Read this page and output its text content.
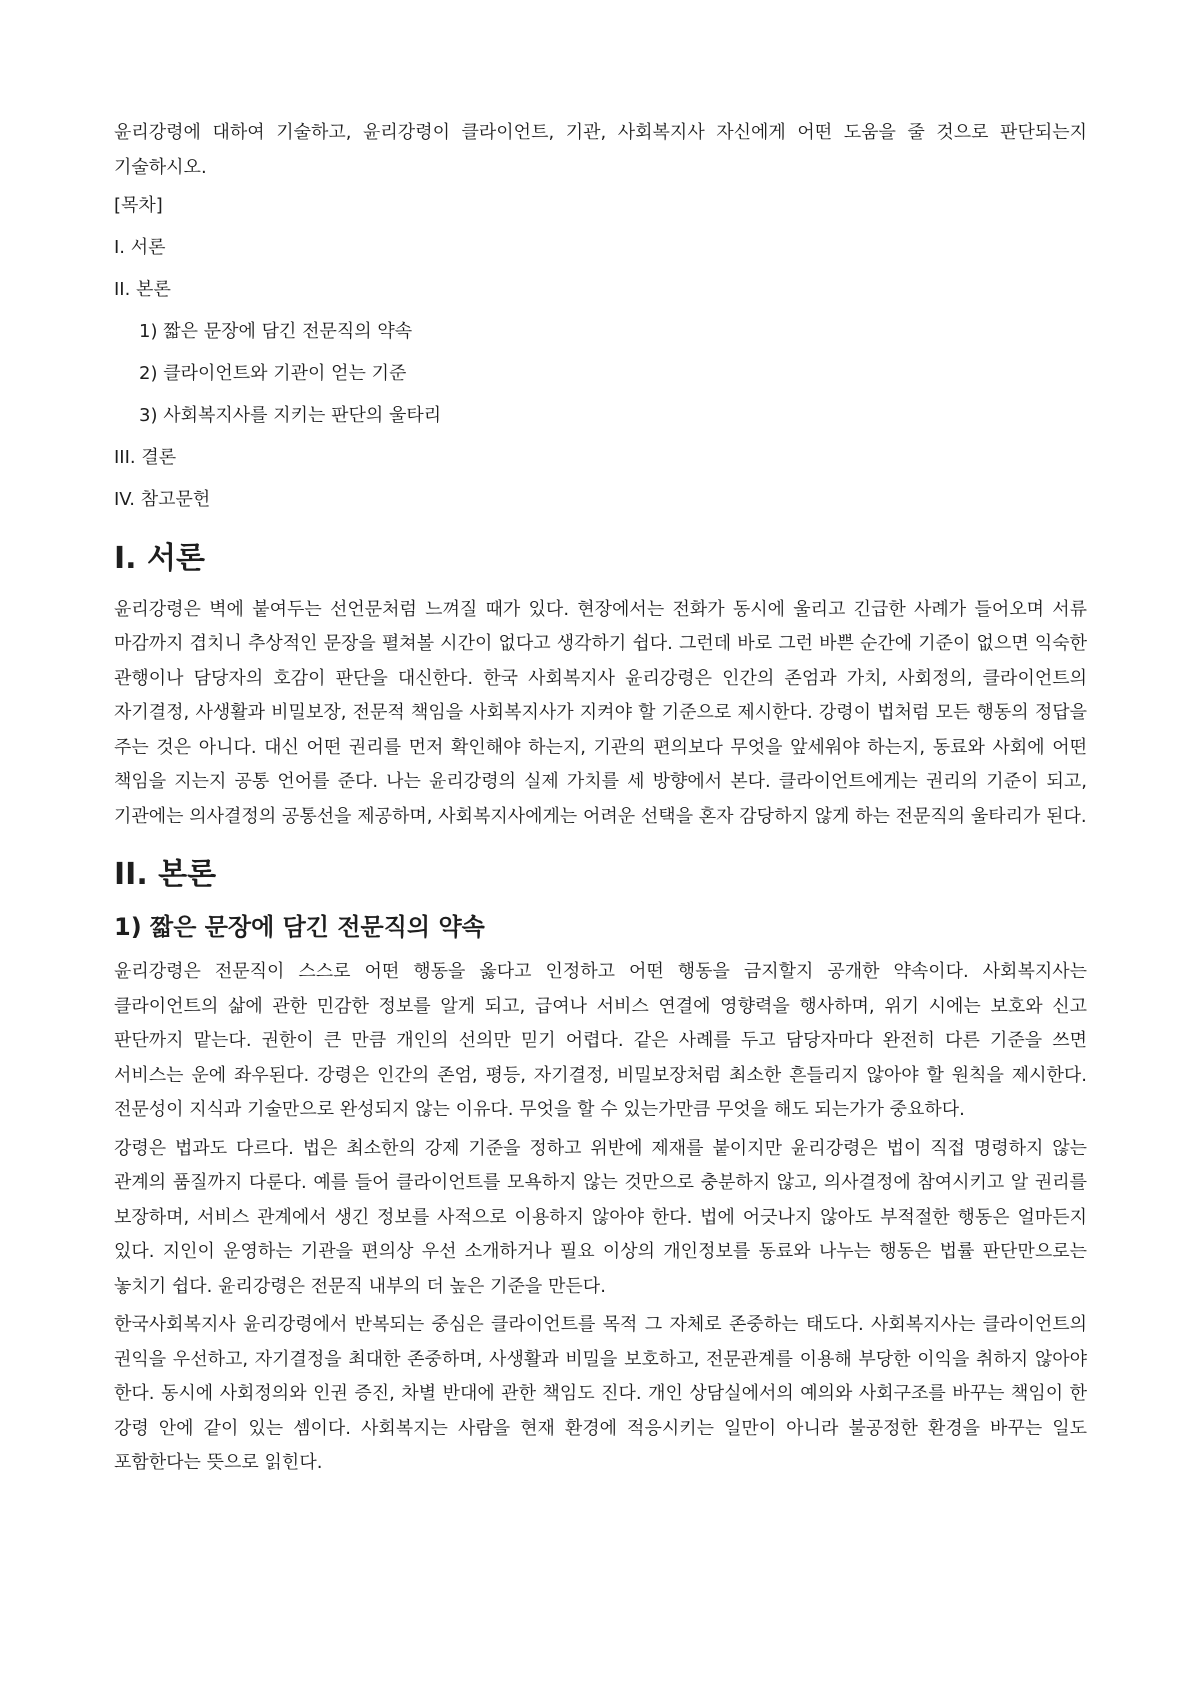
윤리강령에 대하여 기술하고, 윤리강령이 클라이언트, 기관, 사회복지사 자신에게 어떤 도움을 줄 것으로 판단되는지 기술하시오.

[목차]
I. 서론
II. 본론
1) 짧은 문장에 담긴 전문직의 약속
2) 클라이언트와 기관이 얻는 기준
3) 사회복지사를 지키는 판단의 울타리
III. 결론
IV. 참고문헌
I. 서론

윤리강령은 벽에 붙여두는 선언문처럼 느껴질 때가 있다. 현장에서는 전화가 동시에 울리고 긴급한 사례가 들어오며 서류 마감까지 겹치니 추상적인 문장을 펼쳐볼 시간이 없다고 생각하기 쉽다. 그런데 바로 그런 바쁜 순간에 기준이 없으면 익숙한 관행이나 담당자의 호감이 판단을 대신한다. 한국 사회복지사 윤리강령은 인간의 존엄과 가치, 사회정의, 클라이언트의 자기결정, 사생활과 비밀보장, 전문적 책임을 사회복지사가 지켜야 할 기준으로 제시한다. 강령이 법처럼 모든 행동의 정답을 주는 것은 아니다. 대신 어떤 권리를 먼저 확인해야 하는지, 기관의 편의보다 무엇을 앞세워야 하는지, 동료와 사회에 어떤 책임을 지는지 공통 언어를 준다. 나는 윤리강령의 실제 가치를 세 방향에서 본다. 클라이언트에게는 권리의 기준이 되고, 기관에는 의사결정의 공통선을 제공하며, 사회복지사에게는 어려운 선택을 혼자 감당하지 않게 하는 전문직의 울타리가 된다.

II. 본론
1) 짧은 문장에 담긴 전문직의 약속

윤리강령은 전문직이 스스로 어떤 행동을 옳다고 인정하고 어떤 행동을 금지할지 공개한 약속이다. 사회복지사는 클라이언트의 삶에 관한 민감한 정보를 알게 되고, 급여나 서비스 연결에 영향력을 행사하며, 위기 시에는 보호와 신고 판단까지 맡는다. 권한이 큰 만큼 개인의 선의만 믿기 어렵다. 같은 사례를 두고 담당자마다 완전히 다른 기준을 쓰면 서비스는 운에 좌우된다. 강령은 인간의 존엄, 평등, 자기결정, 비밀보장처럼 최소한 흔들리지 않아야 할 원칙을 제시한다. 전문성이 지식과 기술만으로 완성되지 않는 이유다. 무엇을 할 수 있는가만큼 무엇을 해도 되는가가 중요하다.

강령은 법과도 다르다. 법은 최소한의 강제 기준을 정하고 위반에 제재를 붙이지만 윤리강령은 법이 직접 명령하지 않는 관계의 품질까지 다룬다. 예를 들어 클라이언트를 모욕하지 않는 것만으로 충분하지 않고, 의사결정에 참여시키고 알 권리를 보장하며, 서비스 관계에서 생긴 정보를 사적으로 이용하지 않아야 한다. 법에 어긋나지 않아도 부적절한 행동은 얼마든지 있다. 지인이 운영하는 기관을 편의상 우선 소개하거나 필요 이상의 개인정보를 동료와 나누는 행동은 법률 판단만으로는 놓치기 쉽다. 윤리강령은 전문직 내부의 더 높은 기준을 만든다.

한국사회복지사 윤리강령에서 반복되는 중심은 클라이언트를 목적 그 자체로 존중하는 태도다. 사회복지사는 클라이언트의 권익을 우선하고, 자기결정을 최대한 존중하며, 사생활과 비밀을 보호하고, 전문관계를 이용해 부당한 이익을 취하지 않아야 한다. 동시에 사회정의와 인권 증진, 차별 반대에 관한 책임도 진다. 개인 상담실에서의 예의와 사회구조를 바꾸는 책임이 한 강령 안에 같이 있는 셈이다. 사회복지는 사람을 현재 환경에 적응시키는 일만이 아니라 불공정한 환경을 바꾸는 일도 포함한다는 뜻으로 읽힌다.
